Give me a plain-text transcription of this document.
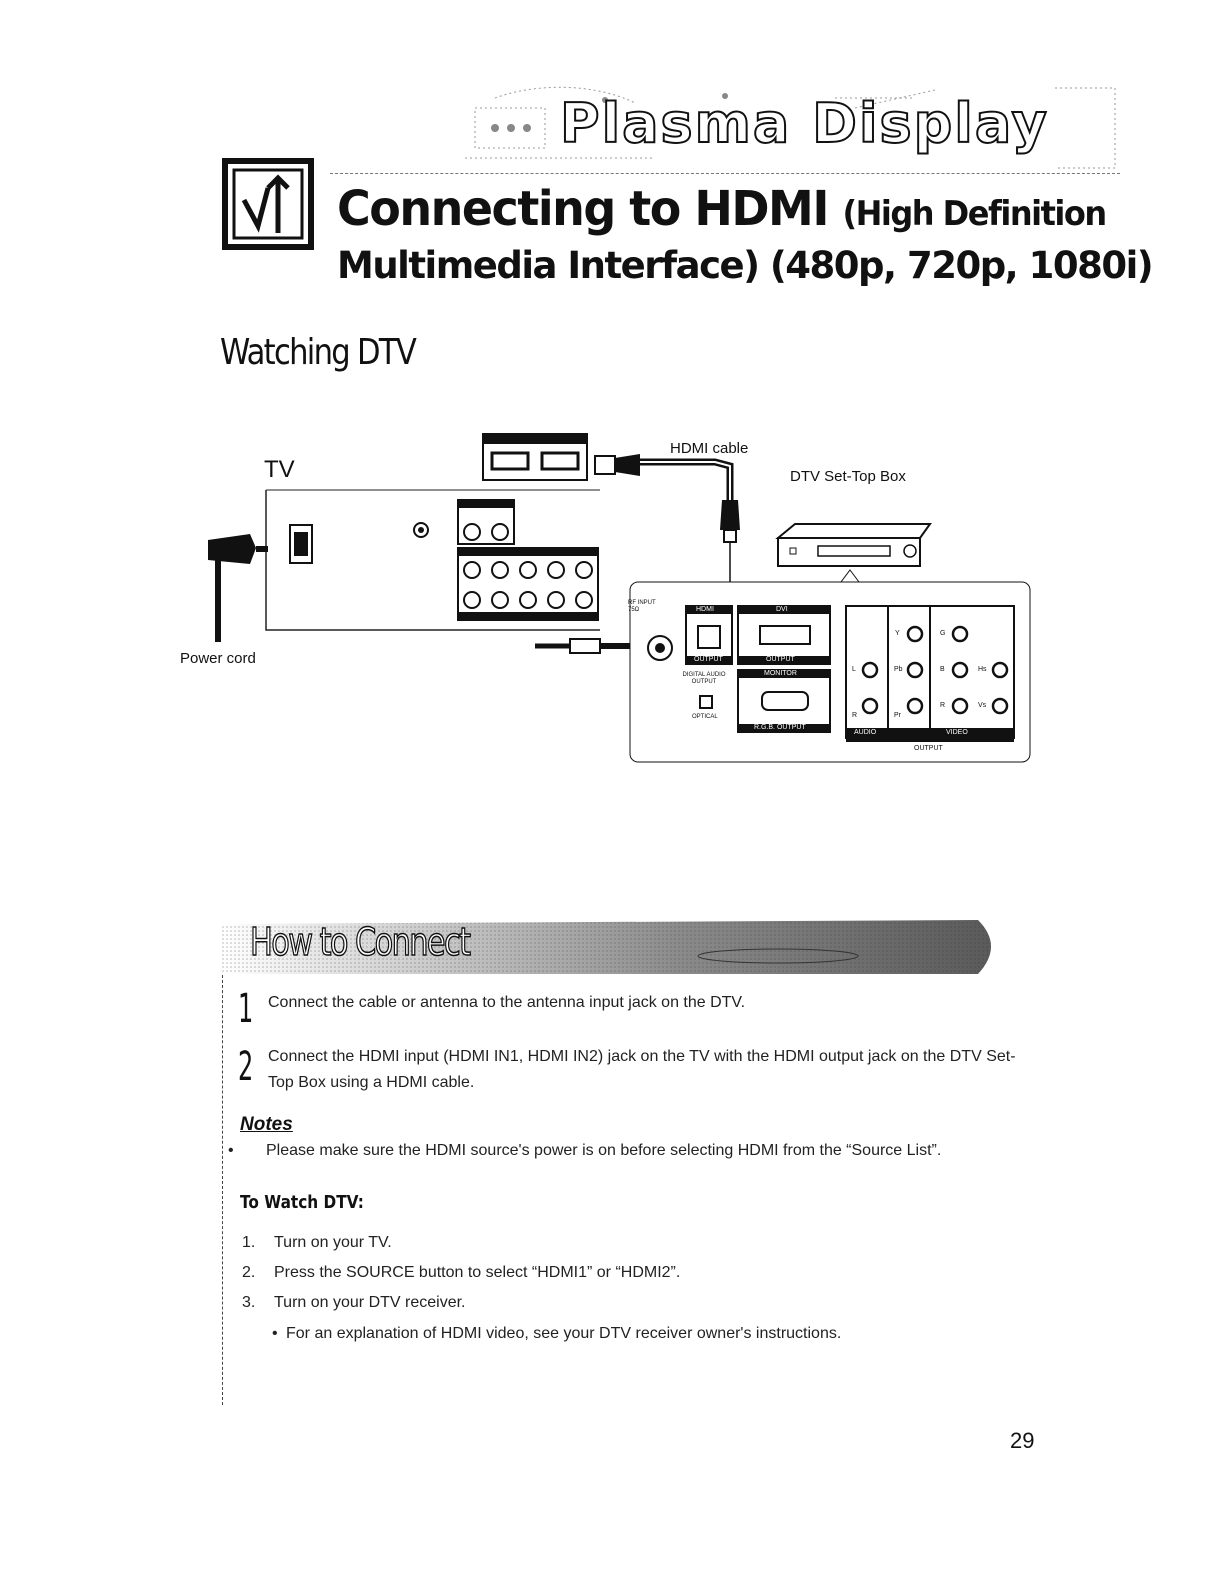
Plasma Display
Connecting to HDMI (High Definition
Multimedia Interface) (480p, 720p, 1080i)
Watching DTV
TV
HDMI cable
DTV Set-Top Box
Power cord
RF INPUT 75Ω	HDMI
OUTPUT
DIGITAL AUDIO OUTPUT
OPTICAL
DVI
OUTPUT
MONITOR
R.G.B. OUTPUT
AUDIO	VIDEO
OUTPUT
Y	G
L	Pb	B	Hs
R	Pr
R	Vs
How to Connect
1 Connect the cable or antenna to the antenna input jack on the DTV.
2 Connect the HDMI input (HDMI IN1, HDMI IN2) jack on the TV with the HDMI output jack on the DTV Set-Top Box using a HDMI cable.
Notes
• Please make sure the HDMI source's power is on before selecting HDMI from the “Source List”.
To Watch DTV:
1. Turn on your TV.
2. Press the SOURCE button to select “HDMI1” or “HDMI2”.
3. Turn on your DTV receiver.
• For an explanation of HDMI video, see your DTV receiver owner's instructions.
29
